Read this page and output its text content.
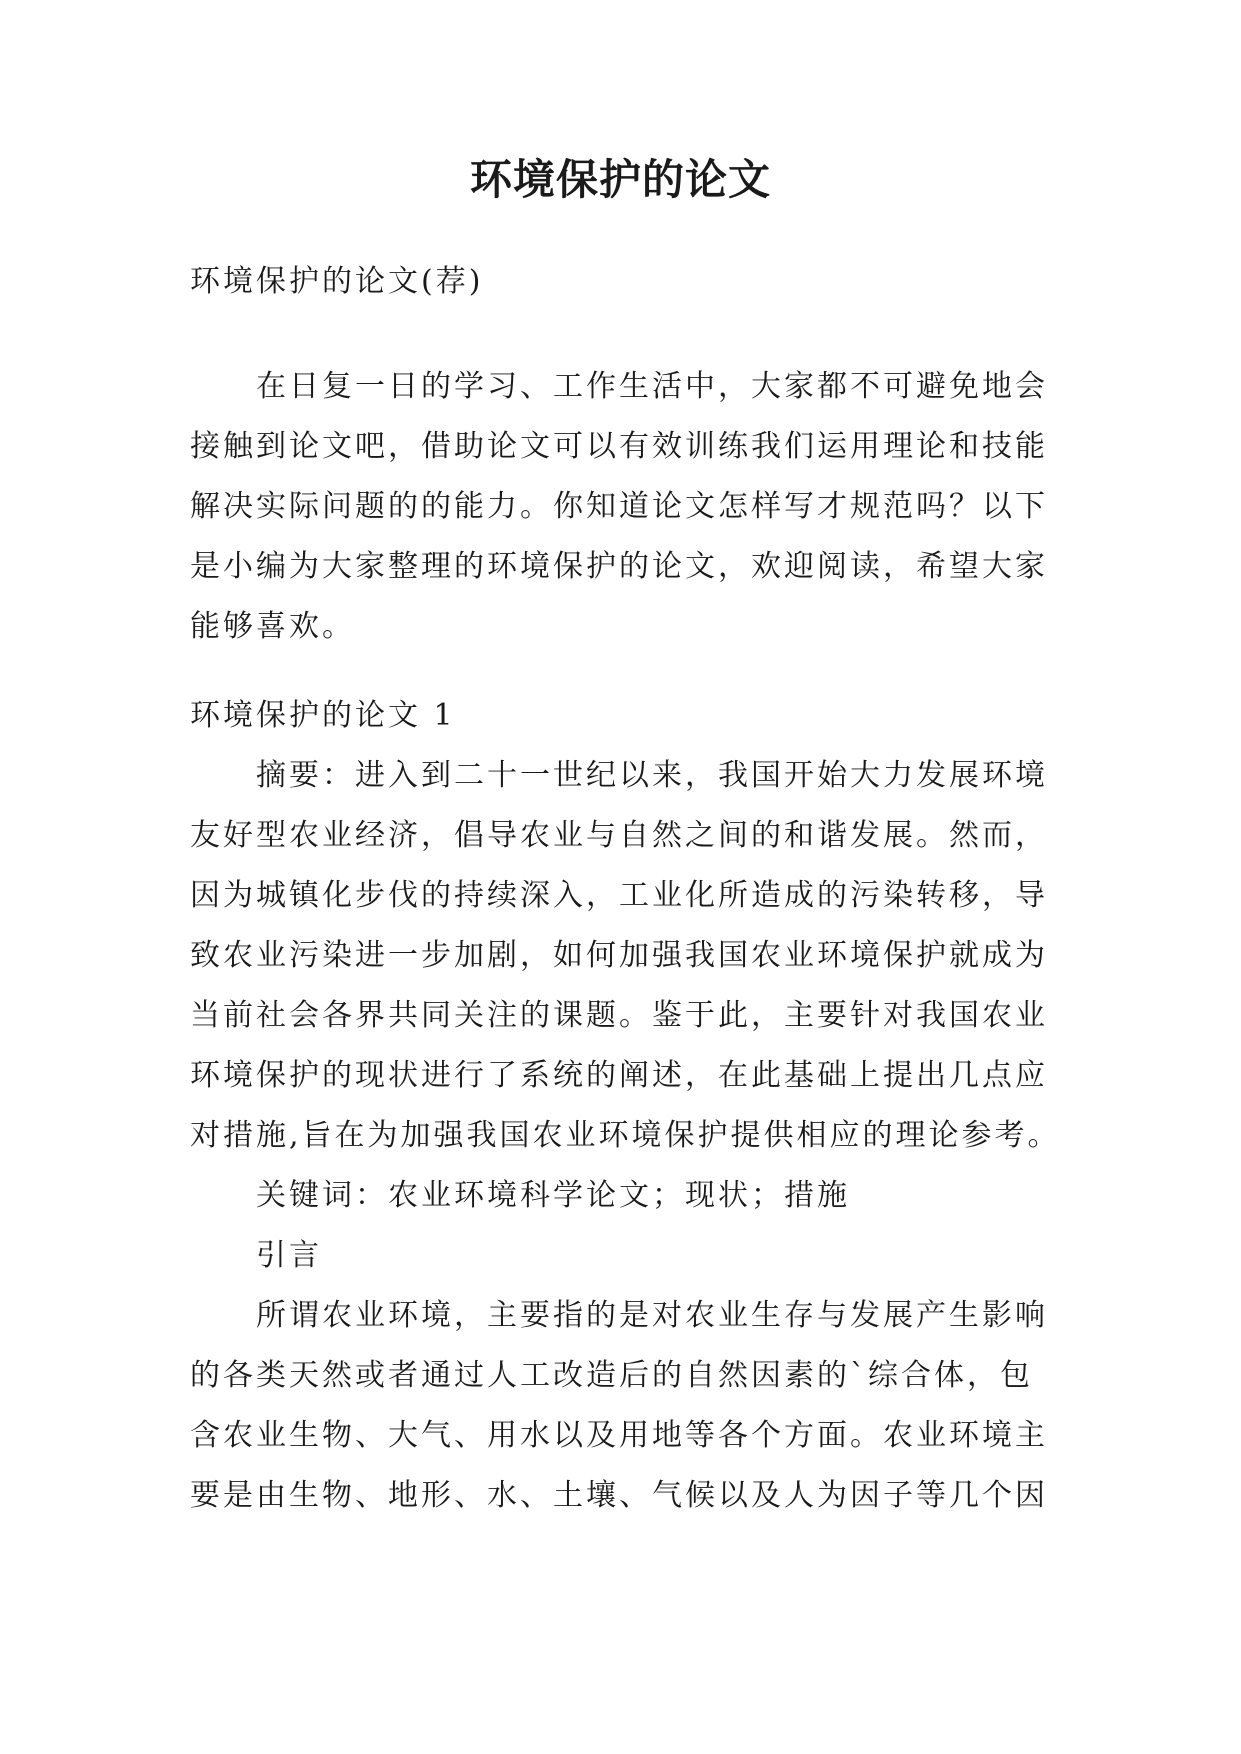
环境保护的论文

环境保护的论文(荐)

在日复一日的学习、工作生活中，大家都不可避免地会
接触到论文吧，借助论文可以有效训练我们运用理论和技能
解决实际问题的的能力。你知道论文怎样写才规范吗？以下
是小编为大家整理的环境保护的论文，欢迎阅读，希望大家
能够喜欢。

环境保护的论文 1

摘要：进入到二十一世纪以来，我国开始大力发展环境
友好型农业经济，倡导农业与自然之间的和谐发展。然而，
因为城镇化步伐的持续深入，工业化所造成的污染转移，导
致农业污染进一步加剧，如何加强我国农业环境保护就成为
当前社会各界共同关注的课题。鉴于此，主要针对我国农业
环境保护的现状进行了系统的阐述，在此基础上提出几点应
对措施,旨在为加强我国农业环境保护提供相应的理论参考。
关键词：农业环境科学论文；现状；措施
引言
所谓农业环境，主要指的是对农业生存与发展产生影响
的各类天然或者通过人工改造后的自然因素的`综合体，包
含农业生物、大气、用水以及用地等各个方面。农业环境主
要是由生物、地形、水、土壤、气候以及人为因子等几个因
